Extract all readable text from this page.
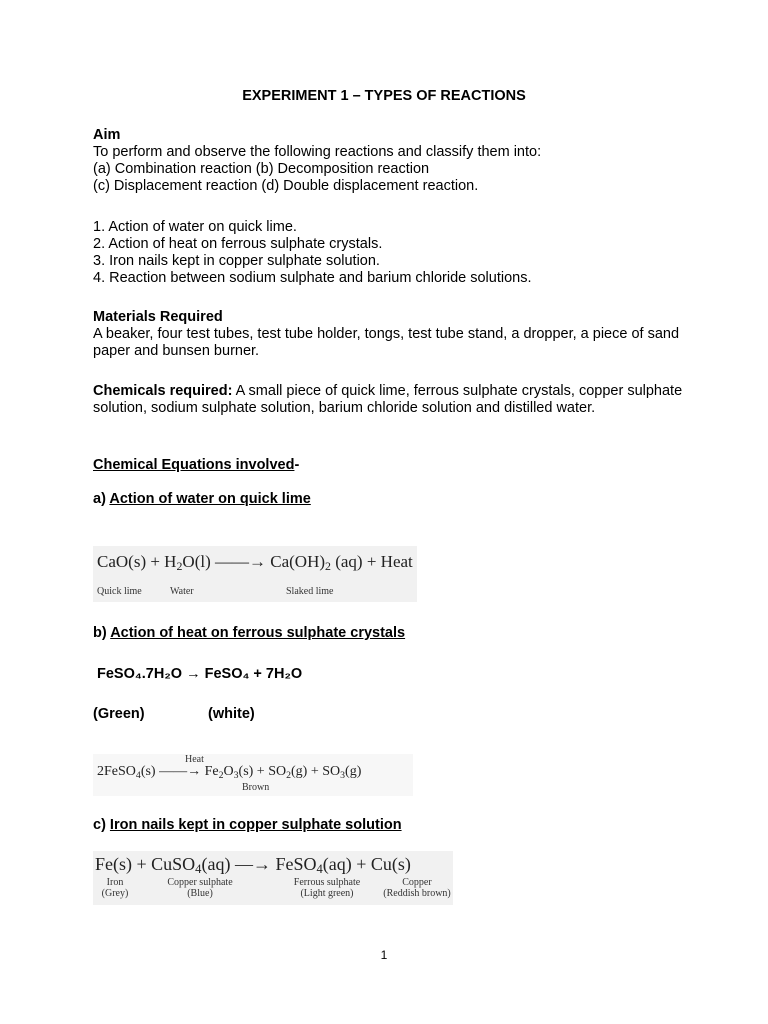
EXPERIMENT 1 – TYPES OF REACTIONS

Aim

To perform and observe the following reactions and classify them into:

(a) Combination reaction (b) Decomposition reaction

(c) Displacement reaction (d) Double displacement reaction.

1. Action of water on quick lime.

2. Action of heat on ferrous sulphate crystals.

3. Iron nails kept in copper sulphate solution.

4. Reaction between sodium sulphate and barium chloride solutions.

Materials Required

A beaker, four test tubes, test tube holder, tongs, test tube stand, a dropper, a piece of sand paper and bunsen burner.

Chemicals required: A small piece of quick lime, ferrous sulphate crystals, copper sulphate solution, sodium sulphate solution, barium chloride solution and distilled water.

Chemical Equations involved-
a) Action of water on quick lime
$CaO(s) + H_2O(l)$ ——→ $Ca(OH)_2$ (aq) + Heat
Quick lime	Water	Slaked lime
b) Action of heat on ferrous sulphate crystals
FeSO₄.7H₂O → FeSO₄ + 7H₂O
(Green)	(white)
2FeSO$_4$(s) ——→ $Fe_2O_3(s) + SO_2(g) + SO_3(g)$
Heat
Brown
c) Iron nails kept in copper sulphate solution
Fe(s) + CuSO$_4$(aq) —→ FeSO$_4$(aq) + Cu(s)
Iron
(Grey)
Copper sulphate
(Blue)
Ferrous sulphate
(Light green)
Copper
(Reddish brown)
1
